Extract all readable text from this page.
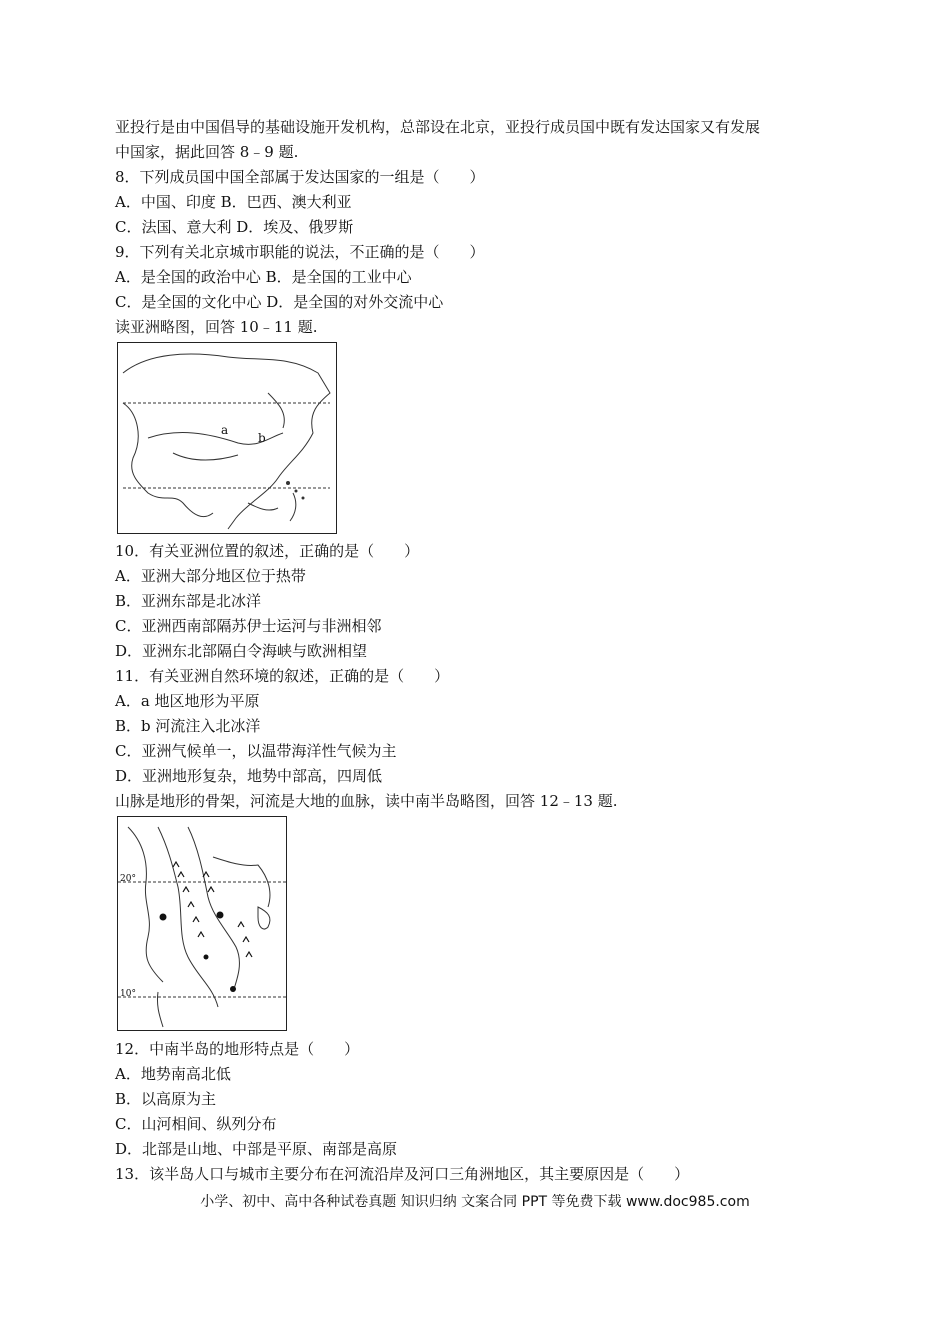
亚投行是由中国倡导的基础设施开发机构，总部设在北京，亚投行成员国中既有发达国家又有发展
中国家，据此回答 8﹣9 题.
8．下列成员国中国全部属于发达国家的一组是（　　）
A．中国、印度 B．巴西、澳大利亚
C．法国、意大利 D．埃及、俄罗斯
9．下列有关北京城市职能的说法，不正确的是（　　）
A．是全国的政治中心 B．是全国的工业中心
C．是全国的文化中心 D．是全国的对外交流中心
读亚洲略图，回答 10﹣11 题.
a
b
10．有关亚洲位置的叙述，正确的是（　　）
A．亚洲大部分地区位于热带
B．亚洲东部是北冰洋
C．亚洲西南部隔苏伊士运河与非洲相邻
D．亚洲东北部隔白令海峡与欧洲相望
11．有关亚洲自然环境的叙述，正确的是（　　）
A．a 地区地形为平原
B．b 河流注入北冰洋
C．亚洲气候单一，以温带海洋性气候为主
D．亚洲地形复杂，地势中部高，四周低
山脉是地形的骨架，河流是大地的血脉，读中南半岛略图，回答 12﹣13 题.
20°
10°
12．中南半岛的地形特点是（　　）
A．地势南高北低
B．以高原为主
C．山河相间、纵列分布
D．北部是山地、中部是平原、南部是高原
13．该半岛人口与城市主要分布在河流沿岸及河口三角洲地区，其主要原因是（　　）
小学、初中、高中各种试卷真题 知识归纳 文案合同 PPT 等免费下载 www.doc985.com
